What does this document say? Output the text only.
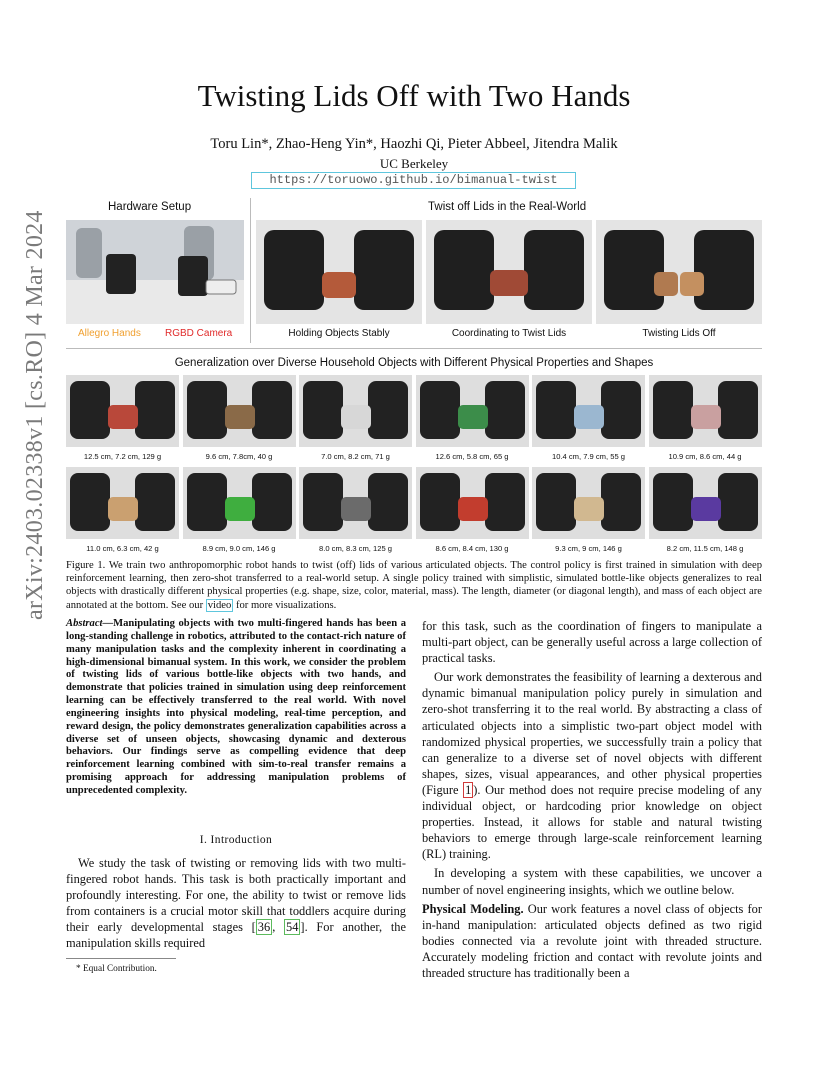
arXiv:2403.02338v1 [cs.RO] 4 Mar 2024
Twisting Lids Off with Two Hands
Toru Lin*, Zhao-Heng Yin*, Haozhi Qi, Pieter Abbeel, Jitendra Malik
UC Berkeley
https://toruowo.github.io/bimanual-twist
Hardware Setup	Twist off Lids in the Real-World
Allegro Hands RGBD Camera	Holding Objects Stably	Coordinating to Twist Lids	Twisting Lids Off
Generalization over Diverse Household Objects with Different Physical Properties and Shapes
12.5 cm, 7.2 cm, 129 g	9.6 cm, 7.8cm, 40 g	7.0 cm, 8.2 cm, 71 g	12.6 cm, 5.8 cm, 65 g	10.4 cm, 7.9 cm, 55 g	10.9 cm, 8.6 cm, 44 g
11.0 cm, 6.3 cm, 42 g	8.9 cm, 9.0 cm, 146 g	8.0 cm, 8.3 cm, 125 g	8.6 cm, 8.4 cm, 130 g	9.3 cm, 9 cm, 146 g	8.2 cm, 11.5 cm, 148 g
Figure 1. We train two anthropomorphic robot hands to twist (off) lids of various articulated objects. The control policy is first trained in simulation with deep reinforcement learning, then zero-shot transferred to a real-world setup. A single policy trained with simplistic, simulated bottle-like objects generalizes to real objects with drastically different physical properties (e.g. shape, size, color, material, mass). The length, diameter (or diagonal length), and mass of each object are annotated at the bottom. See our video for more visualizations.
Abstract—Manipulating objects with two multi-fingered hands has been a long-standing challenge in robotics, attributed to the contact-rich nature of many manipulation tasks and the complexity inherent in coordinating a high-dimensional bimanual system. In this work, we consider the problem of twisting lids of various bottle-like objects with two hands, and demonstrate that policies trained in simulation using deep reinforcement learning can be effectively transferred to the real world. With novel engineering insights into physical modeling, real-time perception, and reward design, the policy demonstrates generalization capabilities across a diverse set of unseen objects, showcasing dynamic and dexterous behaviors. Our findings serve as compelling evidence that deep reinforcement learning combined with sim-to-real transfer remains a promising approach for addressing manipulation problems of unprecedented complexity.
I. Introduction
We study the task of twisting or removing lids with two multi-fingered robot hands. This task is both practically important and profoundly interesting. For one, the ability to twist or remove lids from containers is a crucial motor skill that toddlers acquire during their early developmental stages [ 36 , 54 ]. For another, the manipulation skills required
* Equal Contribution.

for this task, such as the coordination of fingers to manipulate a multi-part object, can be generally useful across a large collection of practical tasks.

Our work demonstrates the feasibility of learning a dexterous and dynamic bimanual manipulation policy purely in simulation and zero-shot transferring it to the real world. By abstracting a class of articulated objects into a simplistic two-part object model with randomized physical properties, we successfully train a policy that can generalize to a diverse set of novel objects with different shapes, sizes, visual appearances, and other physical properties (Figure 1 ). Our method does not require precise modeling of any individual object, or hardcoding prior knowledge on object properties. Instead, it allows for stable and natural twisting behaviors to emerge through large-scale reinforcement learning (RL) training.

In developing a system with these capabilities, we uncover a number of novel engineering insights, which we outline below.

Physical Modeling. Our work features a novel class of objects for in-hand manipulation: articulated objects defined as two rigid bodies connected via a revolute joint with threaded structure. Accurately modeling friction and contact with revolute joints and threaded structure has traditionally been a
